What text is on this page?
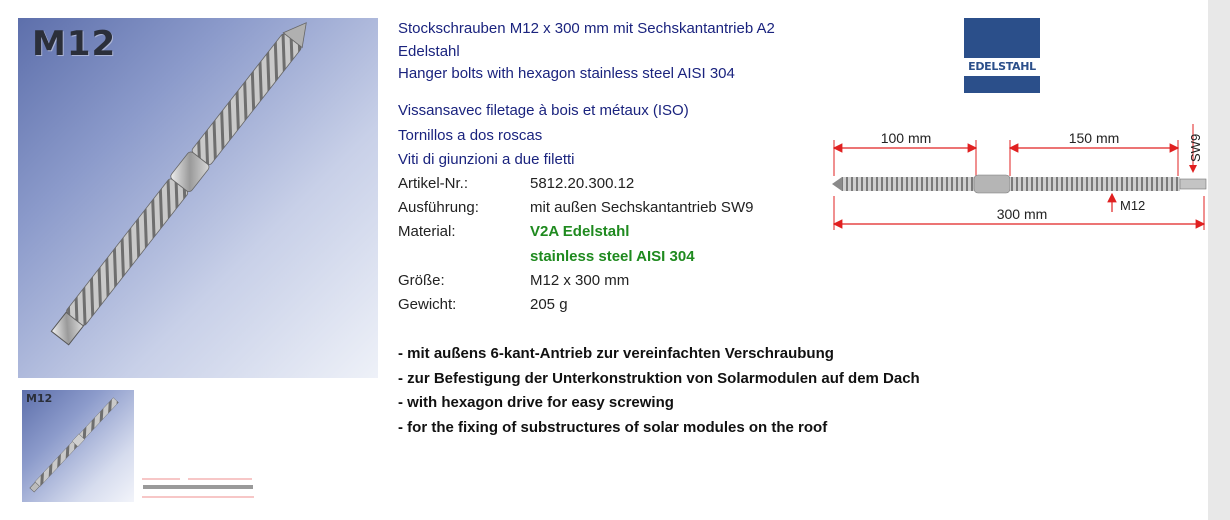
M12
M12
Stockschrauben M12 x 300 mm mit Sechskantantrieb A2
Edelstahl
Hanger bolts with hexagon stainless steel AISI 304
Vissansavec filetage à bois et métaux (ISO)
Tornillos a dos roscas
Viti di giunzioni a due filetti
Artikel-Nr.:	5812.20.300.12
Ausführung:	mit außen Sechskantantrieb SW9
Material:	V2A Edelstahl
stainless steel AISI 304
Größe:	M12 x 300 mm
Gewicht:	205 g
- mit außens 6-kant-Antrieb zur vereinfachten Verschraubung
- zur Befestigung der Unterkonstruktion von Solarmodulen auf dem Dach
- with hexagon drive for easy screwing
- for the fixing of substructures of solar modules on the roof
EDELSTAHL
100 mm	150 mm	SW9
M12
300 mm
